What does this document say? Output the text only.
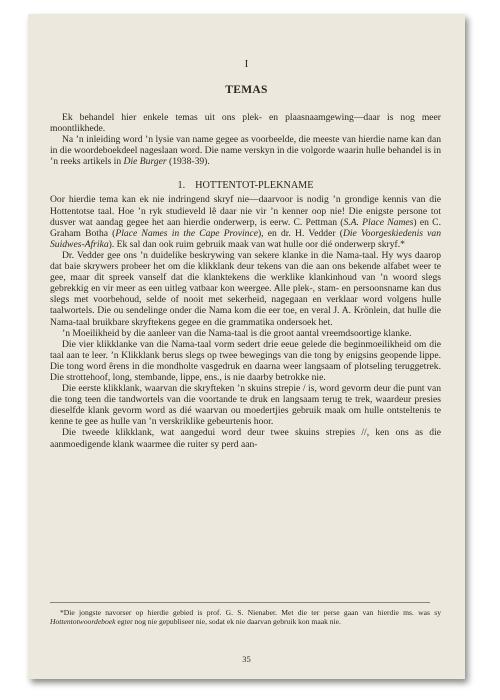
I
TEMAS

Ek behandel hier enkele temas uit ons plek- en plaasnaamgewing—daar is nog meer moontlikhede.

Na ’n inleiding word ’n lysie van name gegee as voorbeelde, die meeste van hierdie name kan dan in die woordeboekdeel nageslaan word. Die name verskyn in die volgorde waarin hulle behandel is in ’n reeks artikels in Die Burger (1938-39).

1. HOTTENTOT-PLEKNAME

Oor hierdie tema kan ek nie indringend skryf nie—daarvoor is nodig ’n grondige kennis van die Hottentotse taal. Hoe ’n ryk studieveld lê daar nie vir ’n kenner oop nie! Die enigste persone tot dusver wat aandag gegee het aan hierdie onderwerp, is eerw. C. Pettman (S.A. Place Names) en C. Graham Botha (Place Names in the Cape Province), en dr. H. Vedder (Die Voorgeskiedenis van Suidwes-Afrika). Ek sal dan ook ruim gebruik maak van wat hulle oor dié onderwerp skryf.*

Dr. Vedder gee ons ’n duidelike beskrywing van sekere klanke in die Nama-taal. Hy wys daarop dat baie skrywers probeer het om die klikklank deur tekens van die aan ons bekende alfabet weer te gee, maar dit spreek vanself dat die klanktekens die werklike klankinhoud van ’n woord slegs gebrekkig en vir meer as een uitleg vatbaar kon weergee. Alle plek-, stam- en persoonsname kan dus slegs met voorbehoud, selde of nooit met sekerheid, nagegaan en verklaar word volgens hulle taalwortels. Die ou sendelinge onder die Nama kom die eer toe, en veral J. A. Krönlein, dat hulle die Nama-taal bruikbare skryftekens gegee en die grammatika ondersoek het.

’n Moeilikheid by die aanleer van die Nama-taal is die groot aantal vreemdsoortige klanke.

Die vier klikklanke van die Nama-taal vorm sedert drie eeue gelede die beginmoeilikheid om die taal aan te leer. ’n Klikklank berus slegs op twee bewegings van die tong by enigsins geopende lippe. Die tong word êrens in die mondholte vasgedruk en daarna weer langsaam of plotseling teruggetrek. Die strottehoof, long, stembande, lippe, ens., is nie daarby betrokke nie.

Die eerste klikklank, waarvan die skryfteken ’n skuins strepie / is, word gevorm deur die punt van die tong teen die tandwortels van die voortande te druk en langsaam terug te trek, waardeur presies dieselfde klank gevorm word as dié waarvan ou moedertjies gebruik maak om hulle ontsteltenis te kenne te gee as hulle van ’n verskriklike gebeurtenis hoor.

Die tweede klikklank, wat aangedui word deur twee skuins strepies //, ken ons as die aanmoedigende klank waarmee die ruiter sy perd aan-

*Die jongste navorser op hierdie gebied is prof. G. S. Nienaber. Met die ter perse gaan van hierdie ms. was sy Hottentotwoordeboek egter nog nie gepubliseer nie, sodat ek nie daarvan gebruik kon maak nie.
35
